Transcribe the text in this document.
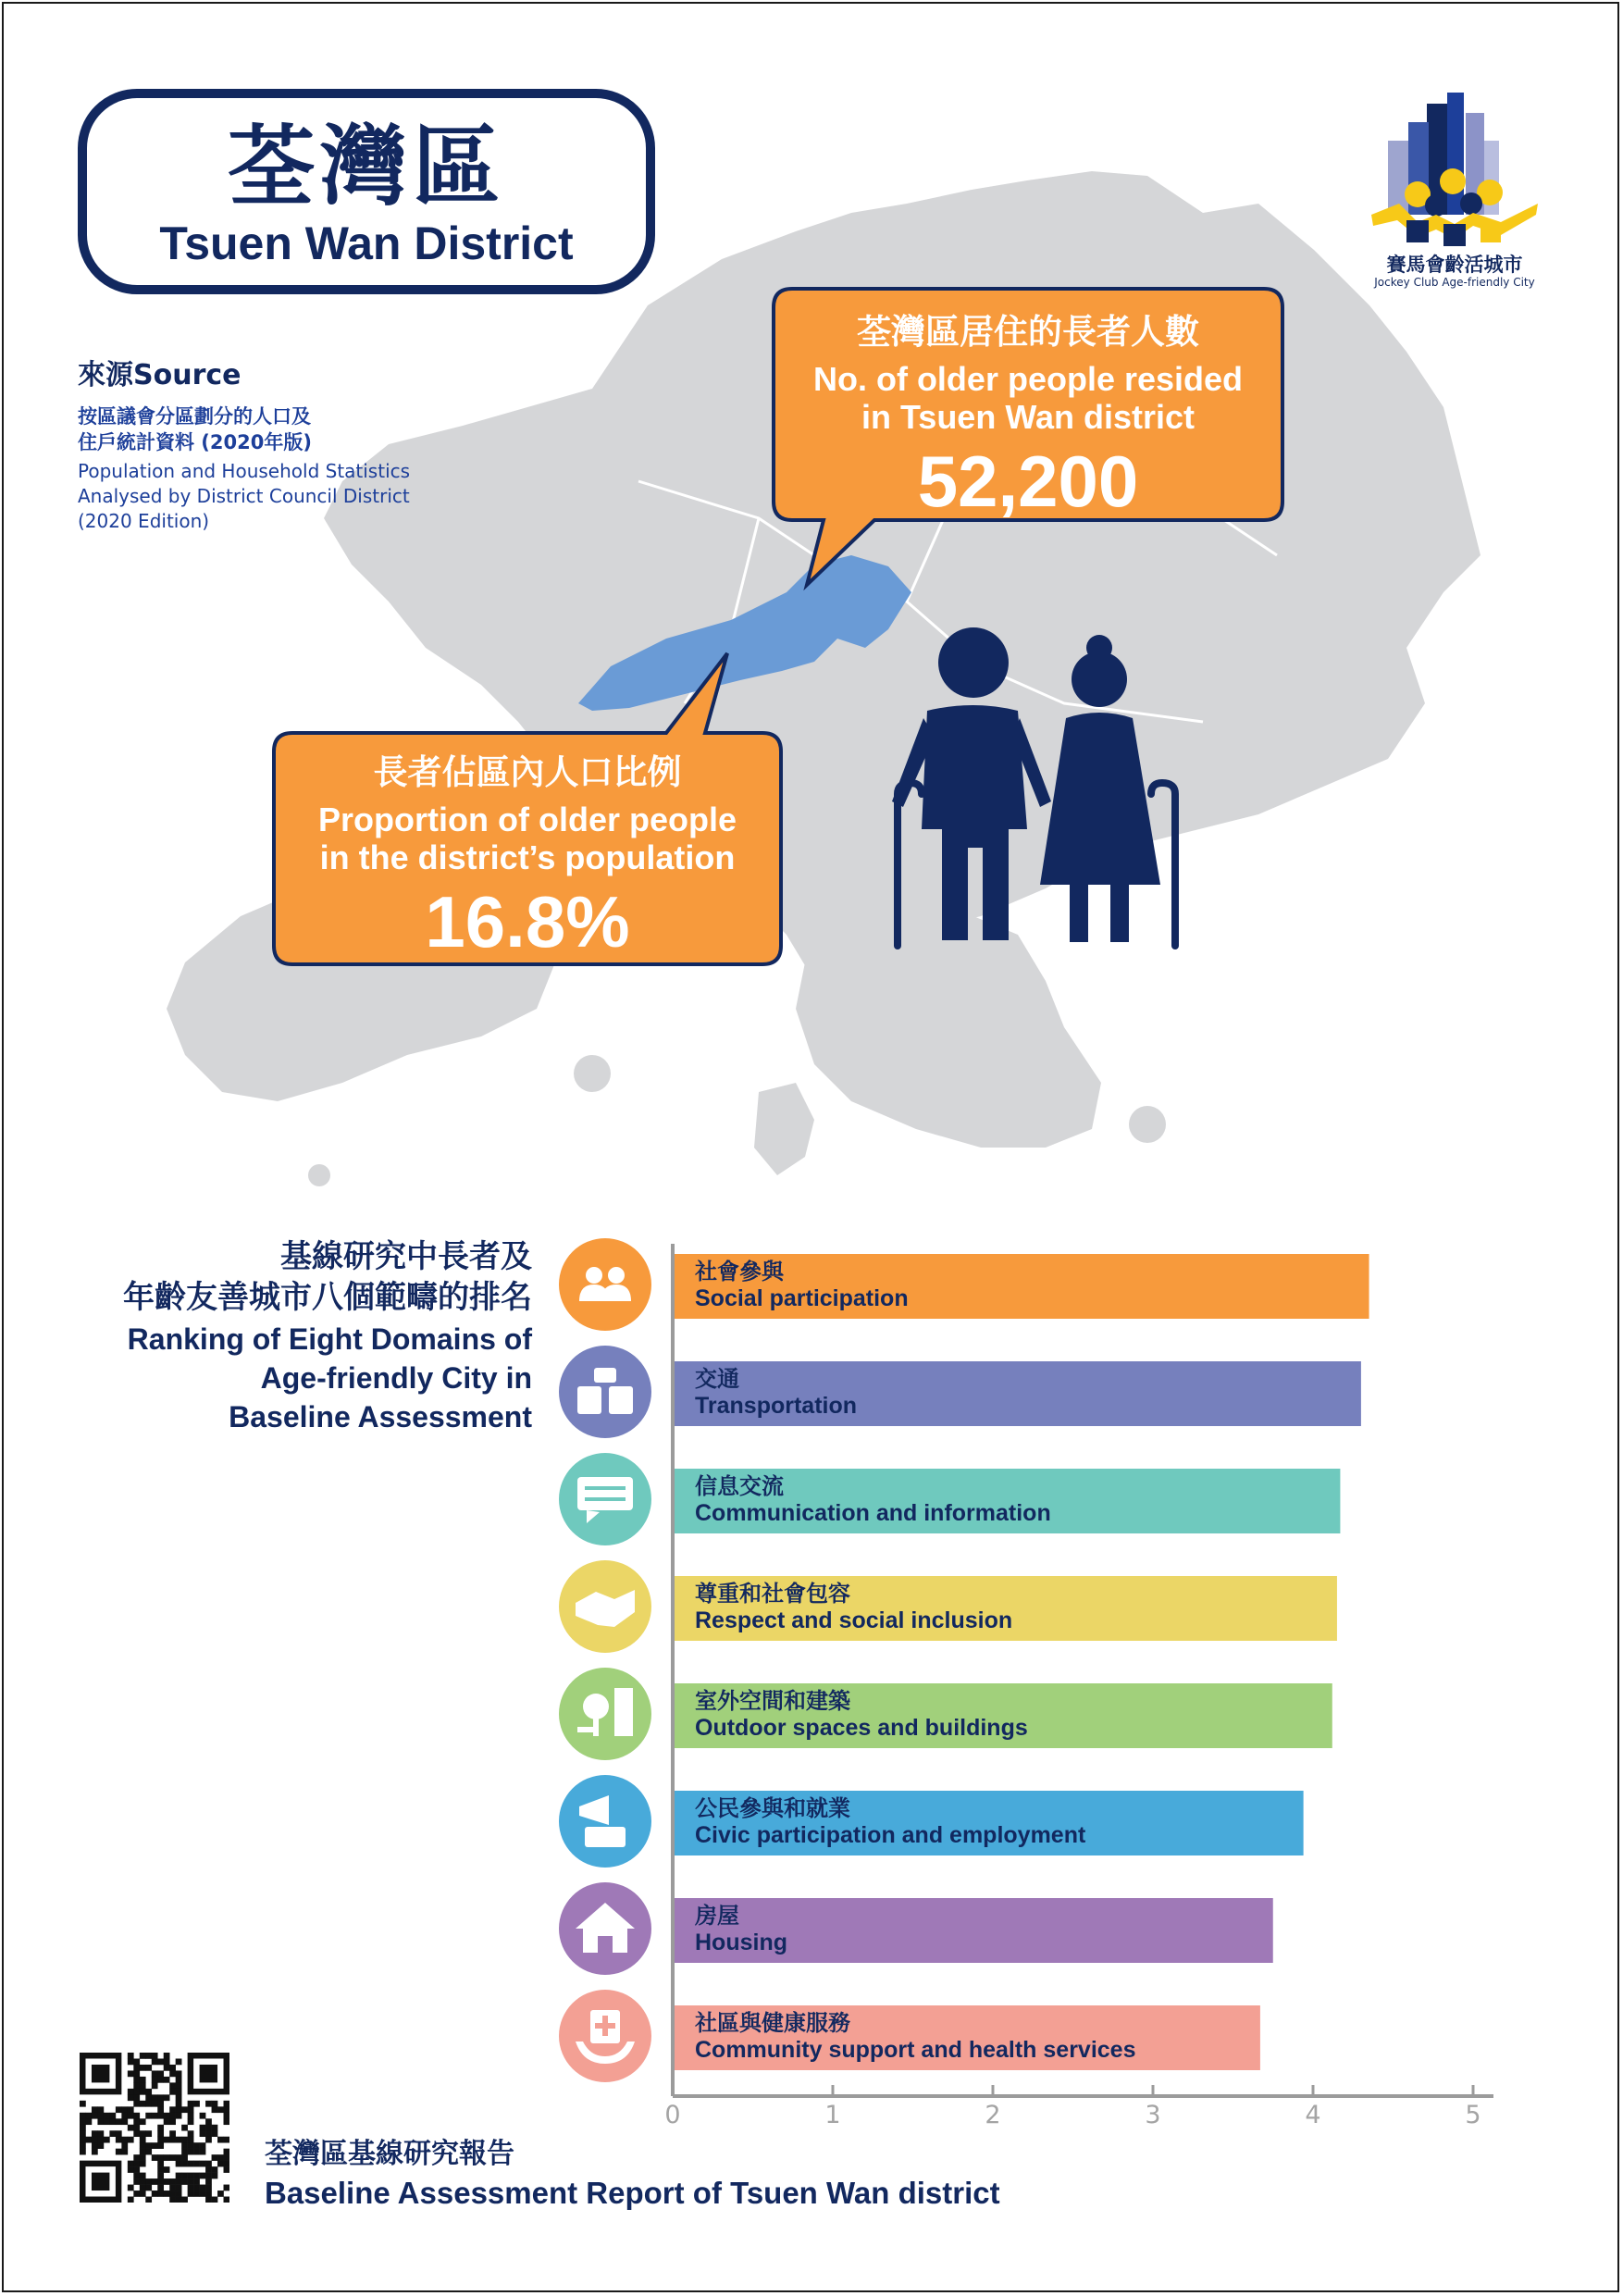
荃灣區
Tsuen Wan District
來源Source
按區議會分區劃分的人口及
住戶統計資料 (2020年版)
Population and Household Statistics
Analysed by District Council District
(2020 Edition)
賽馬會齡活城市
Jockey Club Age-friendly City
荃灣區居住的長者人數
No. of older people resided
in Tsuen Wan district
52,200
長者佔區內人口比例
Proportion of older people
in the district’s population
16.8%
基線研究中長者及
年齡友善城市八個範疇的排名
Ranking of Eight Domains of
Age-friendly City in
Baseline Assessment
社會參與
Social participation
交通
Transportation
信息交流
Communication and information
尊重和社會包容
Respect and social inclusion
室外空間和建築
Outdoor spaces and buildings
公民參與和就業
Civic participation and employment
房屋
Housing
社區與健康服務
Community support and health services
0	1	2	3	4	5
荃灣區基線研究報告
Baseline Assessment Report of Tsuen Wan district
